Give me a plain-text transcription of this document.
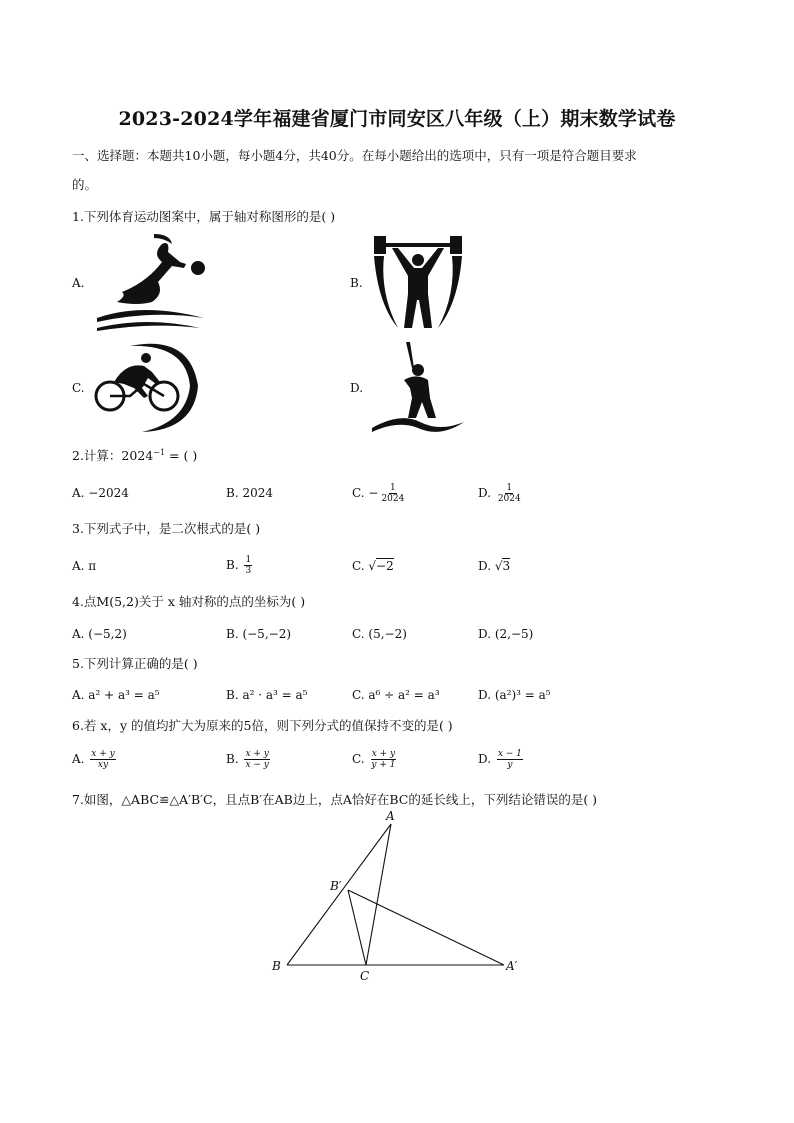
2023-2024学年福建省厦门市同安区八年级（上）期末数学试卷
一、选择题：本题共10小题，每小题4分，共40分。在每小题给出的选项中，只有一项是符合题目要求
的。
1.下列体育运动图案中，属于轴对称图形的是( )
A.	B.
C.	D.
2.计算：$2024^{-1}$ = ( )
A. −2024	B. 2024	C. − $\frac{1}{2024}$	D. $\frac{1}{2024}$
3.下列式子中，是二次根式的是( )
A. π	B. $\frac{1}{3}$	C. √−2	D. √3
4.点M(5,2)关于 x 轴对称的点的坐标为( )
A. (−5,2)	B. (−5,−2)	C. (5,−2)	D. (2,−5)
5.下列计算正确的是( )
A. a² + a³ = a⁵	B. a² · a³ = a⁵	C. a⁶ ÷ a² = a³	D. (a²)³ = a⁵
6.若 x，y 的值均扩大为原来的5倍，则下列分式的值保持不变的是( )
A. $\frac{x + y}{xy}$	B. $\frac{x + y}{x - y}$	C. $\frac{x + y}{y + 1}$	D. $\frac{x - 1}{y}$
7.如图，△ABC≌△A′B′C，且点B′在AB边上，点A恰好在BC的延长线上，下列结论错误的是( )
A
B′
B
C
A′
